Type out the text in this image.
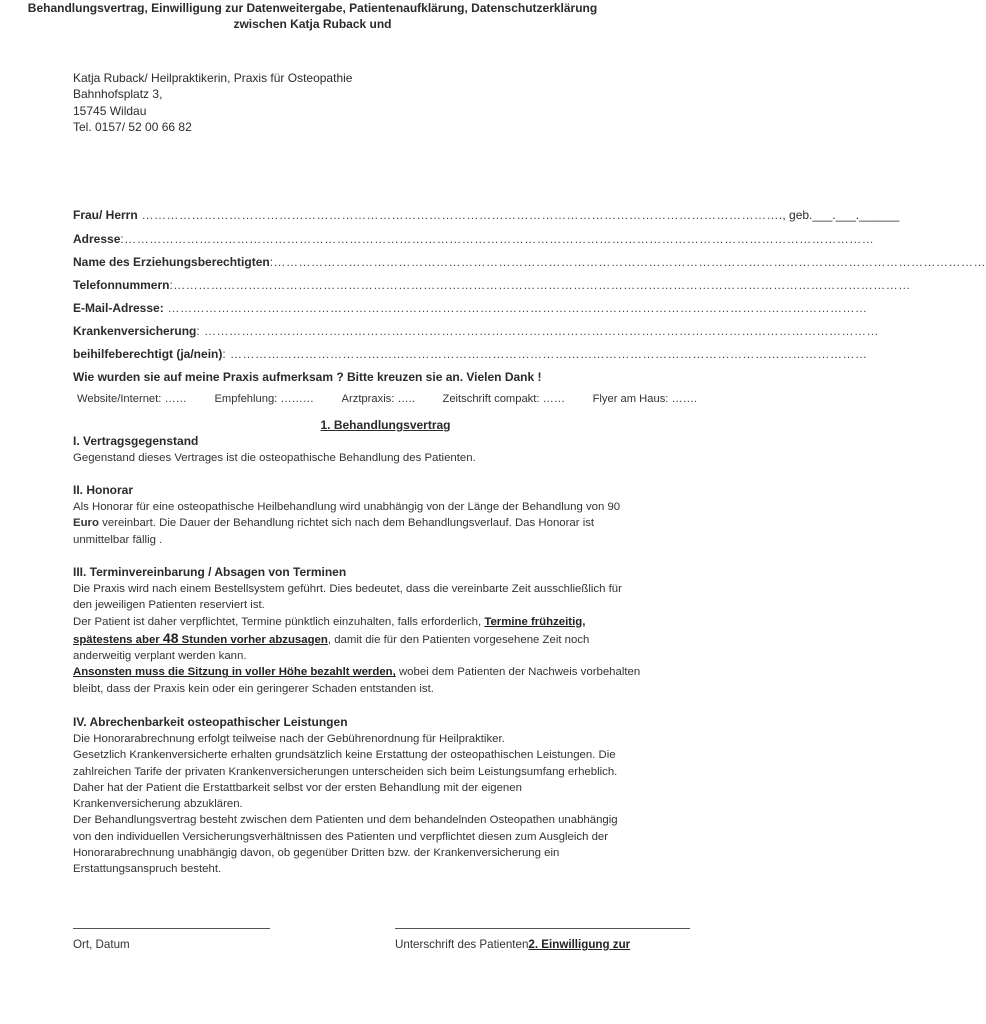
Katja Ruback/ Heilpraktikerin, Praxis für Osteopathie
Bahnhofsplatz 3,
15745 Wildau
Tel. 0157/ 52 00 66 82
Behandlungsvertrag, Einwilligung zur Datenweitergabe, Patientenaufklärung, Datenschutzerklärung
zwischen Katja Ruback und
Frau/ Herrn ……………………………………………………………………………………………………………………………………… ., geb.___.___.______
Adresse :………………………………………………………………………………………………………………………………………………………………
Name des Erziehungsberechtigten :………………………………………………………………………………………………………………………………………………………
Telefonnummern :……………………………………………………………………………………………………………………………………………………………
E-Mail-Adresse: ……………………………………………………………………………………………………………………………………………………
Krankenversicherung : ………………………………………………………………………………………………………………………………………………
beihilfeberechtigt (ja/nein) : ………………………………………………………………………………………………………………………………………
Wie wurden sie auf meine Praxis aufmerksam ? Bitte kreuzen sie an. Vielen Dank !
Website/Internet: …… Empfehlung: ……… Arztpraxis: ….. Zeitschrift compakt: …… Flyer am Haus: …….
1. Behandlungsvertrag
I. Vertragsgegenstand
Gegenstand dieses Vertrages ist die osteopathische Behandlung des Patienten.
II. Honorar
Als Honorar für eine osteopathische Heilbehandlung wird unabhängig von der Länge der Behandlung von 90
Euro vereinbart. Die Dauer der Behandlung richtet sich nach dem Behandlungsverlauf. Das Honorar ist
unmittelbar fällig .
III. Terminvereinbarung / Absagen von Terminen
Die Praxis wird nach einem Bestellsystem geführt. Dies bedeutet, dass die vereinbarte Zeit ausschließlich für
den jeweiligen Patienten reserviert ist.
Der Patient ist daher verpflichtet, Termine pünktlich einzuhalten, falls erforderlich, Termine frühzeitig,
spätestens aber 48 Stunden vorher abzusagen, damit die für den Patienten vorgesehene Zeit noch
anderweitig verplant werden kann.
Ansonsten muss die Sitzung in voller Höhe bezahlt werden, wobei dem Patienten der Nachweis vorbehalten
bleibt, dass der Praxis kein oder ein geringerer Schaden entstanden ist.
IV. Abrechenbarkeit osteopathischer Leistungen
Die Honorarabrechnung erfolgt teilweise nach der Gebührenordnung für Heilpraktiker.
Gesetzlich Krankenversicherte erhalten grundsätzlich keine Erstattung der osteopathischen Leistungen. Die
zahlreichen Tarife der privaten Krankenversicherungen unterscheiden sich beim Leistungsumfang erheblich.
Daher hat der Patient die Erstattbarkeit selbst vor der ersten Behandlung mit der eigenen
Krankenversicherung abzuklären.
Der Behandlungsvertrag besteht zwischen dem Patienten und dem behandelnden Osteopathen unabhängig
von den individuellen Versicherungsverhältnissen des Patienten und verpflichtet diesen zum Ausgleich der
Honorarabrechnung unabhängig davon, ob gegenüber Dritten bzw. der Krankenversicherung ein
Erstattungsanspruch besteht.
Ort, Datum	Unterschrift des Patienten2. Einwilligung zur
